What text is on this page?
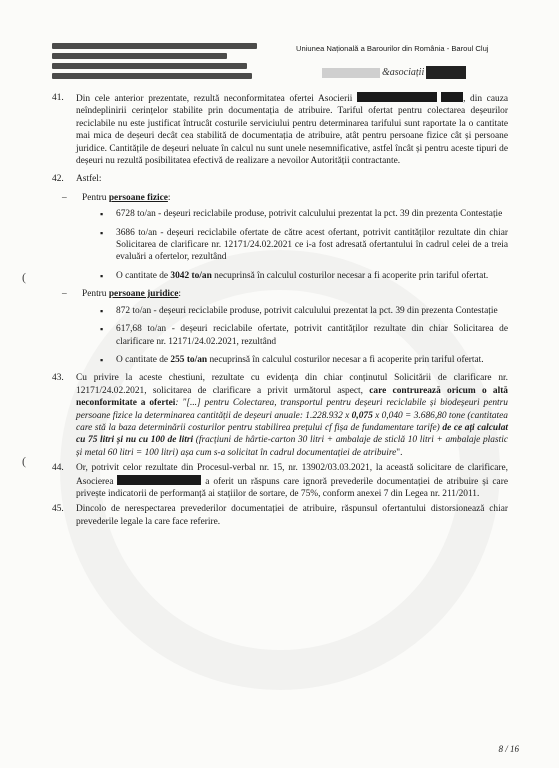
Uniunea Națională a Barourilor din România - Baroul Cluj
&asociații
(
(
41.	Din cele anterior prezentate, rezultă neconformitatea ofertei Asocierii	, din cauza neîndeplinirii cerințelor stabilite prin documentația de atribuire. Tariful ofertat pentru colectarea deșeurilor reciclabile nu este justificat întrucât costurile serviciului pentru determinarea tarifului sunt raportate la o cantitate mai mica de deșeuri decât cea stabilită de documentația de atribuire, atât pentru persoane fizice cât și persoane juridice. Cantitățile de deșeuri neluate în calcul nu sunt unele nesemnificative, astfel încât și pentru aceste tipuri de deșeuri nu rezultă posibilitatea efectivă de realizare a nevoilor Autorității contractante.
42.	Astfel:
–	Pentru persoane fizice:
▪	6728 to/an - deșeuri reciclabile produse, potrivit calculului prezentat la pct. 39 din prezenta Contestație
▪	3686 to/an - deșeuri reciclabile ofertate de către acest ofertant, potrivit cantităților rezultate din chiar Solicitarea de clarificare nr. 12171/24.02.2021 ce i-a fost adresată ofertantului în cadrul celei de a treia evaluări a ofertelor, rezultând
▪	O cantitate de 3042 to/an necuprinsă în calculul costurilor necesar a fi acoperite prin tariful ofertat.
–	Pentru persoane juridice:
▪	872 to/an - deșeuri reciclabile produse, potrivit calculului prezentat la pct. 39 din prezenta Contestație
▪	617,68 to/an - deșeuri reciclabile ofertate, potrivit cantităților rezultate din chiar Solicitarea de clarificare nr. 12171/24.02.2021, rezultând
▪	O cantitate de 255 to/an necuprinsă în calculul costurilor necesar a fi acoperite prin tariful ofertat.
43.	Cu privire la aceste chestiuni, rezultate cu evidența din chiar conținutul Solicitării de clarificare nr. 12171/24.02.2021, solicitarea de clarificare a privit următorul aspect, care contrurează oricum o altă neconformitate a ofertei: "[...] pentru Colectarea, transportul pentru deșeuri reciclabile și biodeșeuri pentru persoane fizice la determinarea cantității de deșeuri anuale: 1.228.932 x 0,075 x 0,040 = 3.686,80 tone (cantitatea care stă la baza determinării costurilor pentru stabilirea prețului cf fișa de fundamentare tarife) de ce ați calculat cu 75 litri și nu cu 100 de litri (fracțiuni de hârtie-carton 30 litri + ambalaje de sticlă 10 litri + ambalaje plastic și metal 60 litri = 100 litri) așa cum s-a solicitat în cadrul documentației de atribuire".
44.	Or, potrivit celor rezultate din Procesul-verbal nr. 15, nr. 13902/03.03.2021, la această solicitare de clarificare, Asocierea	a oferit un răspuns care ignoră prevederile documentației de atribuire și care privește indicatorii de performanță ai stațiilor de sortare, de 75%, conform anexei 7 din Legea nr. 211/2011.
45.	Dincolo de nerespectarea prevederilor documentației de atribuire, răspunsul ofertantului distorsionează chiar prevederile legale la care face referire.
8 / 16
